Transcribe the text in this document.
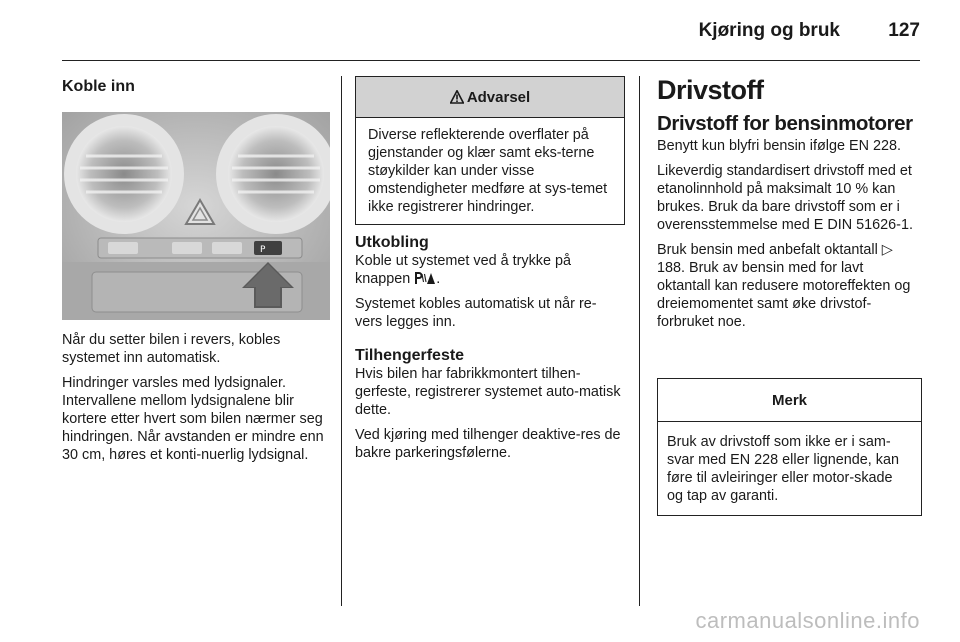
Kjøring og bruk	127
Koble inn
P

Når du setter bilen i revers, kobles systemet inn automatisk.

Hindringer varsles med lydsignaler. Intervallene mellom lydsignalene blir kortere etter hvert som bilen nærmer seg hindringen. Når avstanden er mindre enn 30 cm, høres et konti-nuerlig lydsignal.

Advarsel

Diverse reflekterende overflater på gjenstander og klær samt eks-terne støykilder kan under visse omstendigheter medføre at sys-temet ikke registrerer hindringer.

Utkobling

Koble ut systemet ved å trykke på knappen .

Systemet kobles automatisk ut når re-vers legges inn.

Tilhengerfeste

Hvis bilen har fabrikkmontert tilhen-gerfeste, registrerer systemet auto-matisk dette.

Ved kjøring med tilhenger deaktive-res de bakre parkeringsfølerne.

Drivstoff
Drivstoff for bensinmotorer

Benytt kun blyfri bensin ifølge EN 228.

Likeverdig standardisert drivstoff med et etanolinnhold på maksimalt 10 % kan brukes. Bruk da bare drivstoff som er i overensstemmelse med E DIN 51626-1.

Bruk bensin med anbefalt oktantall ▷ 188. Bruk av bensin med for lavt oktantall kan redusere motoreffekten og dreiemomentet samt øke drivstof-forbruket noe.

Merk

Bruk av drivstoff som ikke er i sam-svar med EN 228 eller lignende, kan føre til avleiringer eller motor-skade og tap av garanti.

carmanualsonline.info
